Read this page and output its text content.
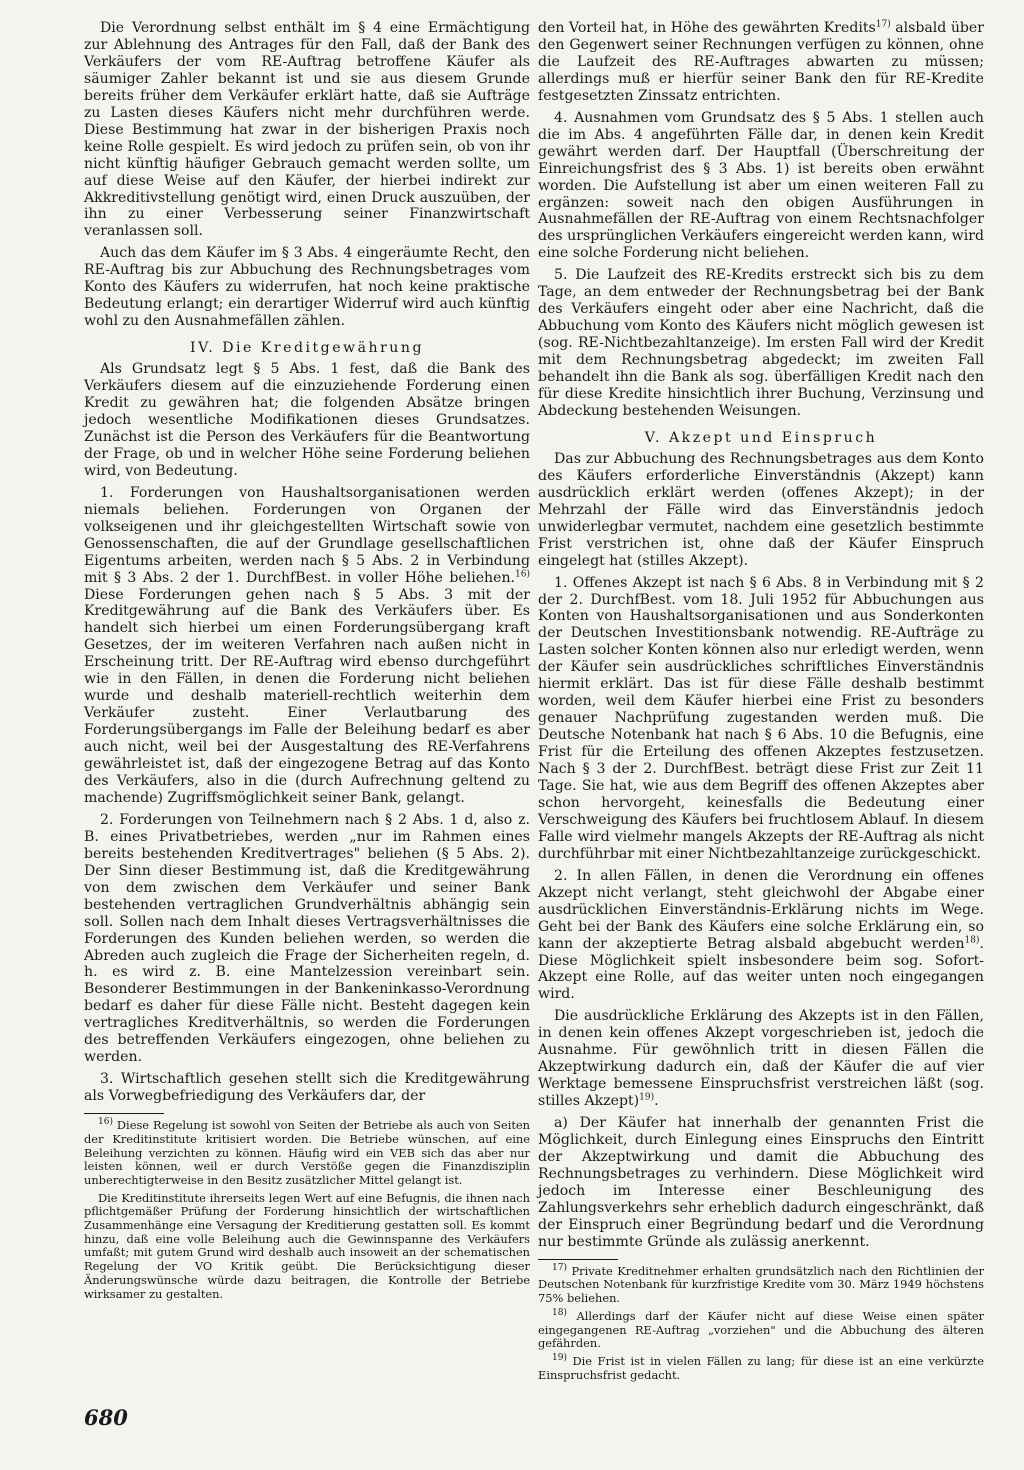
Die Verordnung selbst enthält im § 4 eine Ermächtigung zur Ablehnung des Antrages für den Fall, daß der Bank des Verkäufers der vom RE-Auftrag betroffene Käufer als säumiger Zahler bekannt ist und sie aus diesem Grunde bereits früher dem Verkäufer erklärt hatte, daß sie Aufträge zu Lasten dieses Käufers nicht mehr durchführen werde. Diese Bestimmung hat zwar in der bisherigen Praxis noch keine Rolle gespielt. Es wird jedoch zu prüfen sein, ob von ihr nicht künftig häufiger Gebrauch gemacht werden sollte, um auf diese Weise auf den Käufer, der hierbei indirekt zur Akkreditivstellung genötigt wird, einen Druck auszuüben, der ihn zu einer Verbesserung seiner Finanzwirtschaft veranlassen soll.

Auch das dem Käufer im § 3 Abs. 4 eingeräumte Recht, den RE-Auftrag bis zur Abbuchung des Rechnungsbetrages vom Konto des Käufers zu widerrufen, hat noch keine praktische Bedeutung erlangt; ein derartiger Widerruf wird auch künftig wohl zu den Ausnahmefällen zählen.

IV. Die Kreditgewährung

Als Grundsatz legt § 5 Abs. 1 fest, daß die Bank des Verkäufers diesem auf die einzuziehende Forderung einen Kredit zu gewähren hat; die folgenden Absätze bringen jedoch wesentliche Modifikationen dieses Grundsatzes. Zunächst ist die Person des Verkäufers für die Beantwortung der Frage, ob und in welcher Höhe seine Forderung beliehen wird, von Bedeutung.

1. Forderungen von Haushaltsorganisationen werden niemals beliehen. Forderungen von Organen der volkseigenen und ihr gleichgestellten Wirtschaft sowie von Genossenschaften, die auf der Grundlage gesellschaftlichen Eigentums arbeiten, werden nach § 5 Abs. 2 in Verbindung mit § 3 Abs. 2 der 1. DurchfBest. in voller Höhe beliehen.$^{16)}$ Diese Forderungen gehen nach § 5 Abs. 3 mit der Kreditgewährung auf die Bank des Verkäufers über. Es handelt sich hierbei um einen Forderungsübergang kraft Gesetzes, der im weiteren Verfahren nach außen nicht in Erscheinung tritt. Der RE-Auftrag wird ebenso durchgeführt wie in den Fällen, in denen die Forderung nicht beliehen wurde und deshalb materiell-rechtlich weiterhin dem Verkäufer zusteht. Einer Verlautbarung des Forderungsübergangs im Falle der Beleihung bedarf es aber auch nicht, weil bei der Ausgestaltung des RE-Verfahrens gewährleistet ist, daß der eingezogene Betrag auf das Konto des Verkäufers, also in die (durch Aufrechnung geltend zu machende) Zugriffsmöglichkeit seiner Bank, gelangt.

2. Forderungen von Teilnehmern nach § 2 Abs. 1 d, also z. B. eines Privatbetriebes, werden „nur im Rahmen eines bereits bestehenden Kreditvertrages" beliehen (§ 5 Abs. 2). Der Sinn dieser Bestimmung ist, daß die Kreditgewährung von dem zwischen dem Verkäufer und seiner Bank bestehenden vertraglichen Grundverhältnis abhängig sein soll. Sollen nach dem Inhalt dieses Vertragsverhältnisses die Forderungen des Kunden beliehen werden, so werden die Abreden auch zugleich die Frage der Sicherheiten regeln, d. h. es wird z. B. eine Mantelzession vereinbart sein. Besonderer Bestimmungen in der Bankeninkasso-Verordnung bedarf es daher für diese Fälle nicht. Besteht dagegen kein vertragliches Kreditverhältnis, so werden die Forderungen des betreffenden Verkäufers eingezogen, ohne beliehen zu werden.

3. Wirtschaftlich gesehen stellt sich die Kreditgewährung als Vorwegbefriedigung des Verkäufers dar, der

$^{16)}$ Diese Regelung ist sowohl von Seiten der Betriebe als auch von Seiten der Kreditinstitute kritisiert worden. Die Betriebe wünschen, auf eine Beleihung verzichten zu können. Häufig wird ein VEB sich das aber nur leisten können, weil er durch Verstöße gegen die Finanzdisziplin unberechtigterweise in den Besitz zusätzlicher Mittel gelangt ist.

Die Kreditinstitute ihrerseits legen Wert auf eine Befugnis, die ihnen nach pflichtgemäßer Prüfung der Forderung hinsichtlich der wirtschaftlichen Zusammenhänge eine Versagung der Kreditierung gestatten soll. Es kommt hinzu, daß eine volle Beleihung auch die Gewinnspanne des Verkäufers umfaßt; mit gutem Grund wird deshalb auch insoweit an der schematischen Regelung der VO Kritik geübt. Die Berücksichtigung dieser Änderungswünsche würde dazu beitragen, die Kontrolle der Betriebe wirksamer zu gestalten.

den Vorteil hat, in Höhe des gewährten Kredits$^{17)}$ alsbald über den Gegenwert seiner Rechnungen verfügen zu können, ohne die Laufzeit des RE-Auftrages abwarten zu müssen; allerdings muß er hierfür seiner Bank den für RE-Kredite festgesetzten Zinssatz entrichten.

4. Ausnahmen vom Grundsatz des § 5 Abs. 1 stellen auch die im Abs. 4 angeführten Fälle dar, in denen kein Kredit gewährt werden darf. Der Hauptfall (Überschreitung der Einreichungsfrist des § 3 Abs. 1) ist bereits oben erwähnt worden. Die Aufstellung ist aber um einen weiteren Fall zu ergänzen: soweit nach den obigen Ausführungen in Ausnahmefällen der RE-Auftrag von einem Rechtsnachfolger des ursprünglichen Verkäufers eingereicht werden kann, wird eine solche Forderung nicht beliehen.

5. Die Laufzeit des RE-Kredits erstreckt sich bis zu dem Tage, an dem entweder der Rechnungsbetrag bei der Bank des Verkäufers eingeht oder aber eine Nachricht, daß die Abbuchung vom Konto des Käufers nicht möglich gewesen ist (sog. RE-Nichtbezahltanzeige). Im ersten Fall wird der Kredit mit dem Rechnungsbetrag abgedeckt; im zweiten Fall behandelt ihn die Bank als sog. überfälligen Kredit nach den für diese Kredite hinsichtlich ihrer Buchung, Verzinsung und Abdeckung bestehenden Weisungen.

V. Akzept und Einspruch

Das zur Abbuchung des Rechnungsbetrages aus dem Konto des Käufers erforderliche Einverständnis (Akzept) kann ausdrücklich erklärt werden (offenes Akzept); in der Mehrzahl der Fälle wird das Einverständnis jedoch unwiderlegbar vermutet, nachdem eine gesetzlich bestimmte Frist verstrichen ist, ohne daß der Käufer Einspruch eingelegt hat (stilles Akzept).

1. Offenes Akzept ist nach § 6 Abs. 8 in Verbindung mit § 2 der 2. DurchfBest. vom 18. Juli 1952 für Abbuchungen aus Konten von Haushaltsorganisationen und aus Sonderkonten der Deutschen Investitionsbank notwendig. RE-Aufträge zu Lasten solcher Konten können also nur erledigt werden, wenn der Käufer sein ausdrückliches schriftliches Einverständnis hiermit erklärt. Das ist für diese Fälle deshalb bestimmt worden, weil dem Käufer hierbei eine Frist zu besonders genauer Nachprüfung zugestanden werden muß. Die Deutsche Notenbank hat nach § 6 Abs. 10 die Befugnis, eine Frist für die Erteilung des offenen Akzeptes festzusetzen. Nach § 3 der 2. DurchfBest. beträgt diese Frist zur Zeit 11 Tage. Sie hat, wie aus dem Begriff des offenen Akzeptes aber schon hervorgeht, keinesfalls die Bedeutung einer Verschweigung des Käufers bei fruchtlosem Ablauf. In diesem Falle wird vielmehr mangels Akzepts der RE-Auftrag als nicht durchführbar mit einer Nichtbezahltanzeige zurückgeschickt.

2. In allen Fällen, in denen die Verordnung ein offenes Akzept nicht verlangt, steht gleichwohl der Abgabe einer ausdrücklichen Einverständnis-Erklärung nichts im Wege. Geht bei der Bank des Käufers eine solche Erklärung ein, so kann der akzeptierte Betrag alsbald abgebucht werden$^{18)}$. Diese Möglichkeit spielt insbesondere beim sog. Sofort-Akzept eine Rolle, auf das weiter unten noch eingegangen wird.

Die ausdrückliche Erklärung des Akzepts ist in den Fällen, in denen kein offenes Akzept vorgeschrieben ist, jedoch die Ausnahme. Für gewöhnlich tritt in diesen Fällen die Akzeptwirkung dadurch ein, daß der Käufer die auf vier Werktage bemessene Einspruchsfrist verstreichen läßt (sog. stilles Akzept)$^{19)}$.

a) Der Käufer hat innerhalb der genannten Frist die Möglichkeit, durch Einlegung eines Einspruchs den Eintritt der Akzeptwirkung und damit die Abbuchung des Rechnungsbetrages zu verhindern. Diese Möglichkeit wird jedoch im Interesse einer Beschleunigung des Zahlungsverkehrs sehr erheblich dadurch eingeschränkt, daß der Einspruch einer Begründung bedarf und die Verordnung nur bestimmte Gründe als zulässig anerkennt.

$^{17)}$ Private Kreditnehmer erhalten grundsätzlich nach den Richtlinien der Deutschen Notenbank für kurzfristige Kredite vom 30. März 1949 höchstens 75% beliehen.

$^{18)}$ Allerdings darf der Käufer nicht auf diese Weise einen später eingegangenen RE-Auftrag „vorziehen" und die Abbuchung des älteren gefährden.

$^{19)}$ Die Frist ist in vielen Fällen zu lang; für diese ist an eine verkürzte Einspruchsfrist gedacht.

680
